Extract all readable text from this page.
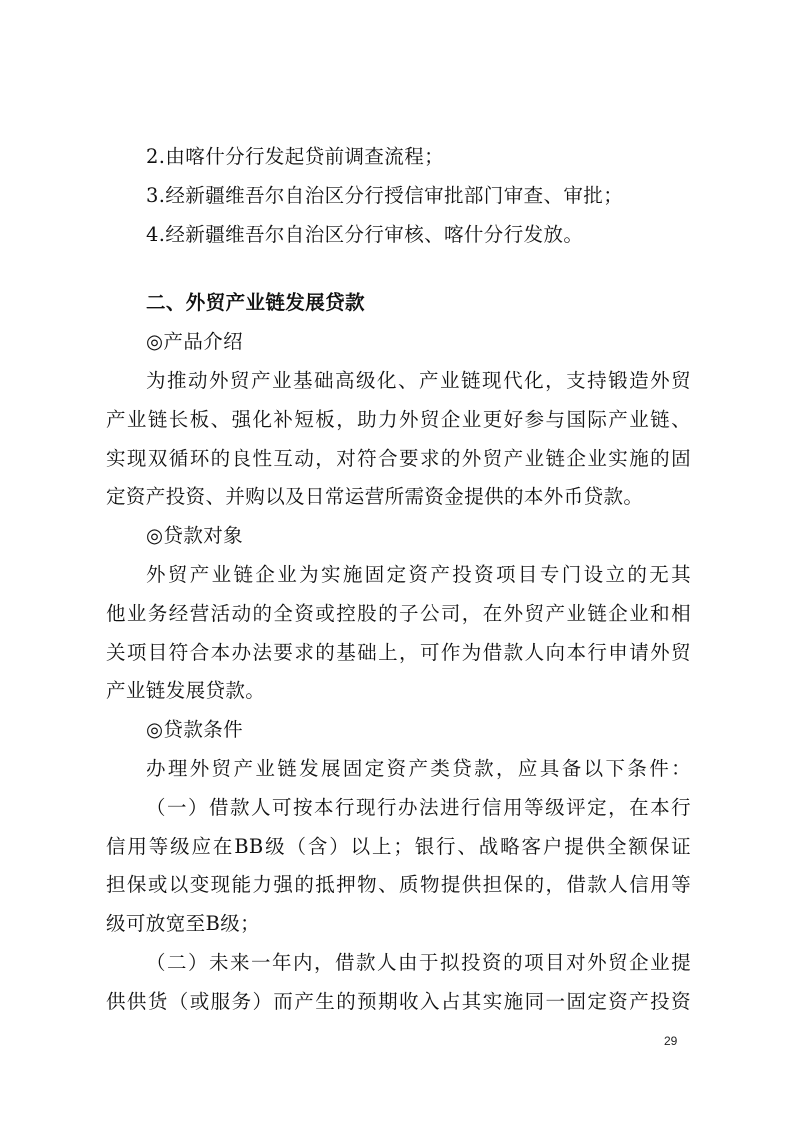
2.由喀什分行发起贷前调查流程；
3.经新疆维吾尔自治区分行授信审批部门审查、审批；
4.经新疆维吾尔自治区分行审核、喀什分行发放。
二、外贸产业链发展贷款
◎产品介绍
为推动外贸产业基础高级化、产业链现代化，支持锻造外贸
产业链长板、强化补短板，助力外贸企业更好参与国际产业链、
实现双循环的良性互动，对符合要求的外贸产业链企业实施的固
定资产投资、并购以及日常运营所需资金提供的本外币贷款。
◎贷款对象
外贸产业链企业为实施固定资产投资项目专门设立的无其
他业务经营活动的全资或控股的子公司，在外贸产业链企业和相
关项目符合本办法要求的基础上，可作为借款人向本行申请外贸
产业链发展贷款。
◎贷款条件
办理外贸产业链发展固定资产类贷款，应具备以下条件：
（一）借款人可按本行现行办法进行信用等级评定，在本行
信用等级应在BB级（含）以上；银行、战略客户提供全额保证
担保或以变现能力强的抵押物、质物提供担保的，借款人信用等
级可放宽至B级；
（二）未来一年内，借款人由于拟投资的项目对外贸企业提
供供货（或服务）而产生的预期收入占其实施同一固定资产投资
29
